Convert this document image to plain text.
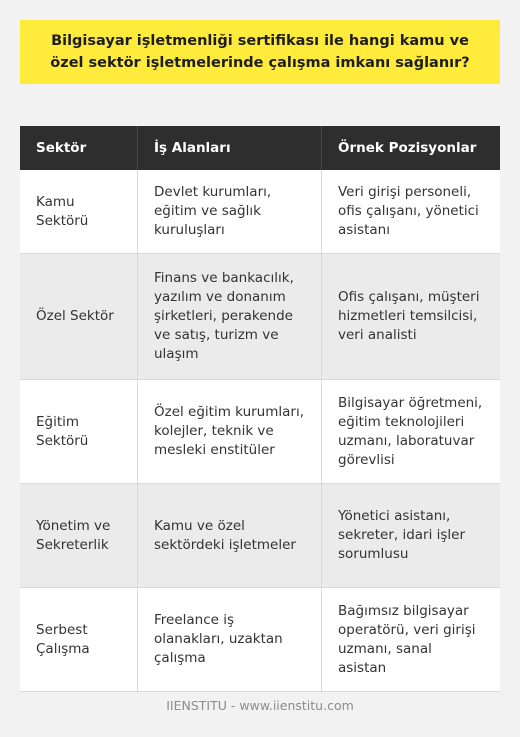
Bilgisayar işletmenliği sertifikası ile hangi kamu ve özel sektör işletmelerinde çalışma imkanı sağlanır?
Sektör	İş Alanları	Örnek Pozisyonlar
Kamu Sektörü	Devlet kurumları, eğitim ve sağlık kuruluşları	Veri girişi personeli, ofis çalışanı, yönetici asistanı
Özel Sektör	Finans ve bankacılık, yazılım ve donanım şirketleri, perakende ve satış, turizm ve ulaşım	Ofis çalışanı, müşteri hizmetleri temsilcisi, veri analisti
Eğitim Sektörü	Özel eğitim kurumları, kolejler, teknik ve mesleki enstitüler	Bilgisayar öğretmeni, eğitim teknolojileri uzmanı, laboratuvar görevlisi
Yönetim ve Sekreterlik	Kamu ve özel sektördeki işletmeler	Yönetici asistanı, sekreter, idari işler sorumlusu
Serbest Çalışma	Freelance iş olanakları, uzaktan çalışma	Bağımsız bilgisayar operatörü, veri girişi uzmanı, sanal asistan
IIENSTITU - www.iienstitu.com
